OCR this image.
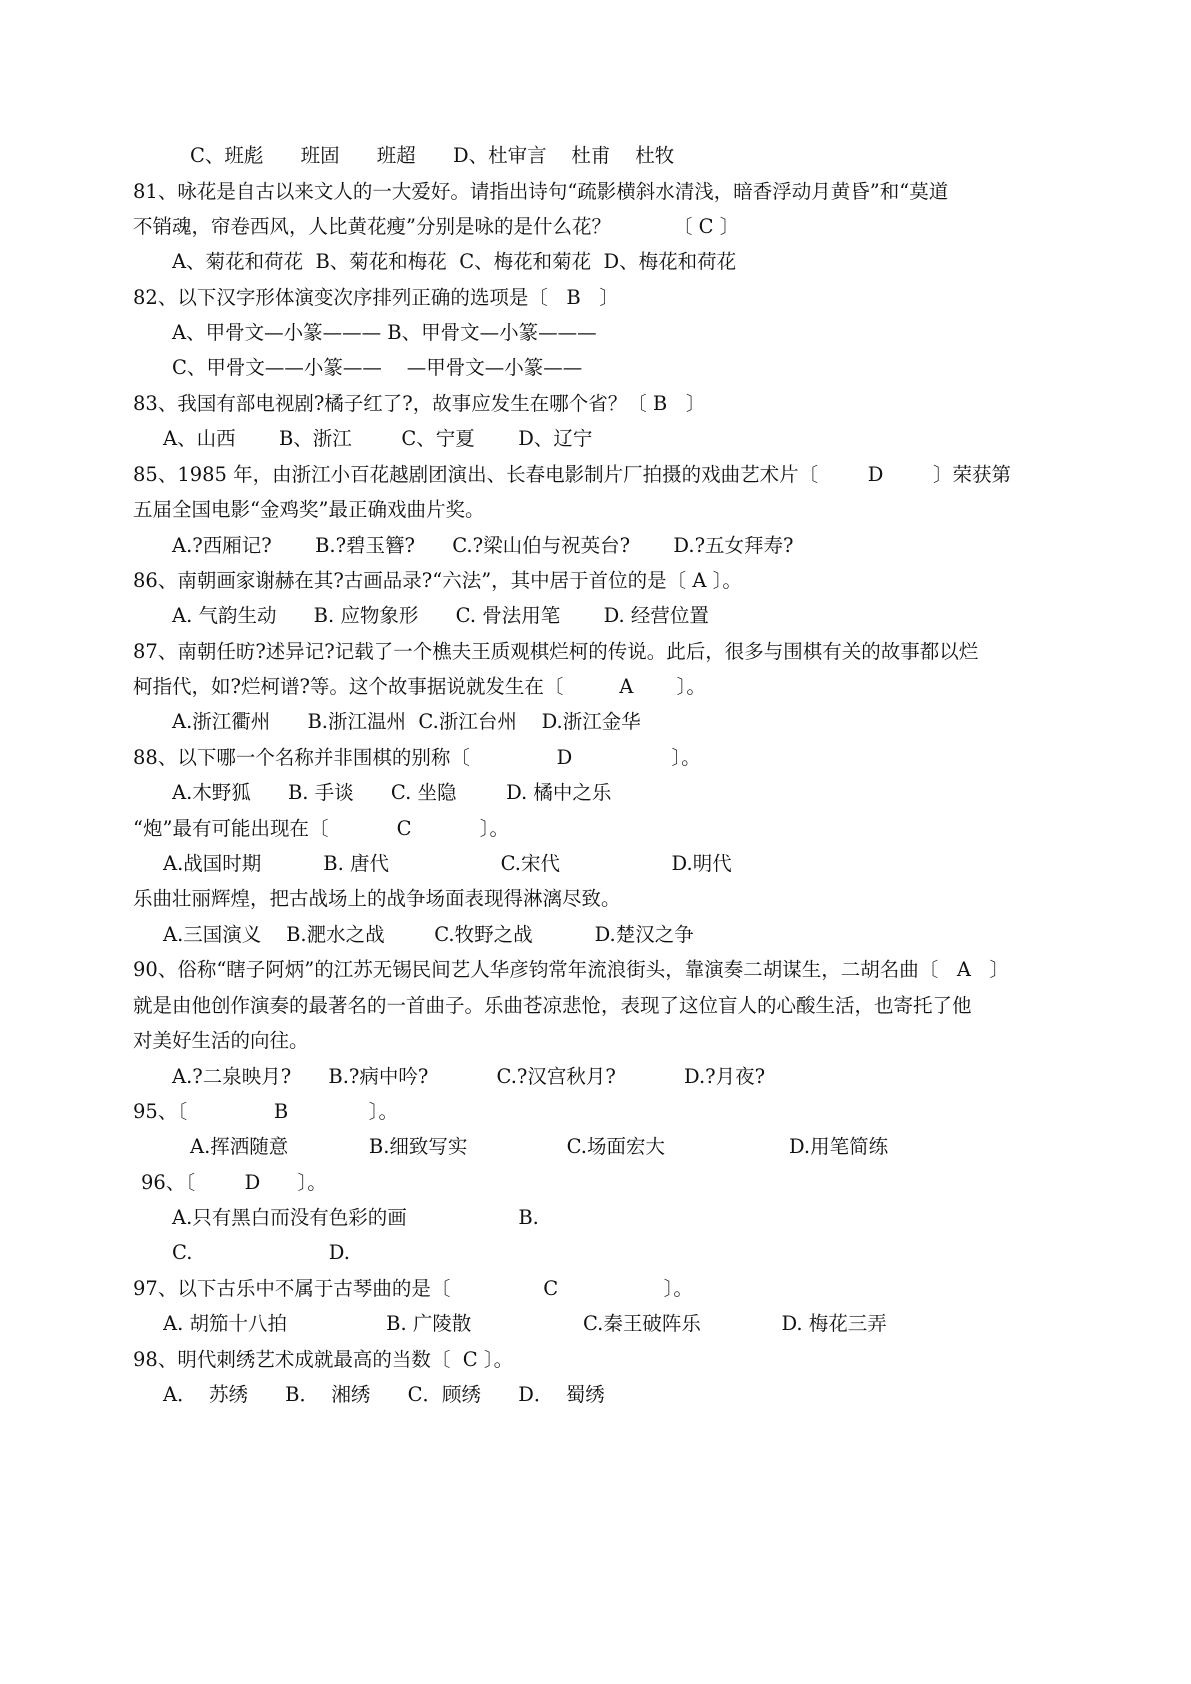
C、班彪      班固      班超      D、杜审言    杜甫    杜牧
81、咏花是自古以来文人的一大爱好。请指出诗句“疏影横斜水清浅，暗香浮动月黄昏”和“莫道
不销魂，帘卷西风，人比黄花瘦”分别是咏的是什么花？          〔 C 〕
A、菊花和荷花  B、菊花和梅花  C、梅花和菊花  D、梅花和荷花
82、以下汉字形体演变次序排列正确的选项是〔   B   〕
A、甲骨文—小篆——— B、甲骨文—小篆———
C、甲骨文——小篆——    —甲骨文—小篆——
83、我国有部电视剧?橘子红了?，故事应发生在哪个省？〔 B   〕
A、山西       B、浙江        C、宁夏       D、辽宁
85、1985 年，由浙江小百花越剧团演出、长春电影制片厂拍摄的戏曲艺术片〔        D        〕荣获第
五届全国电影“金鸡奖”最正确戏曲片奖。
A.?西厢记?       B.?碧玉簪?      C.?梁山伯与祝英台?       D.?五女拜寿?
86、南朝画家谢赫在其?古画品录?“六法”，其中居于首位的是〔 A 〕。
A. 气韵生动      B. 应物象形      C. 骨法用笔       D. 经营位置
87、南朝任昉?述异记?记载了一个樵夫王质观棋烂柯的传说。此后，很多与围棋有关的故事都以烂
柯指代，如?烂柯谱?等。这个故事据说就发生在〔         A       〕。
A.浙江衢州      B.浙江温州  C.浙江台州    D.浙江金华
88、以下哪一个名称并非围棋的别称〔              D                〕。
A.木野狐      B. 手谈      C. 坐隐        D. 橘中之乐
“炮”最有可能出现在〔           C           〕。
A.战国时期          B. 唐代                  C.宋代                  D.明代
乐曲壮丽辉煌，把古战场上的战争场面表现得淋漓尽致。
A.三国演义    B.淝水之战        C.牧野之战          D.楚汉之争
90、俗称“瞎子阿炳”的江苏无锡民间艺人华彦钧常年流浪街头，靠演奏二胡谋生，二胡名曲〔   A   〕
就是由他创作演奏的最著名的一首曲子。乐曲苍凉悲怆，表现了这位盲人的心酸生活，也寄托了他
对美好生活的向往。
A.?二泉映月?      B.?病中吟?           C.?汉宫秋月?           D.?月夜?
95、〔              B             〕。
A.挥洒随意             B.细致写实                C.场面宏大                    D.用笔简练
96、〔        D      〕。
A.只有黑白而没有色彩的画                  B.
C.                      D.
97、以下古乐中不属于古琴曲的是〔               C                 〕。
A. 胡笳十八拍                B. 广陵散                  C.秦王破阵乐             D. 梅花三弄
98、明代刺绣艺术成就最高的当数〔  C 〕。
A．  苏绣      B．  湘绣      C．顾绣      D．  蜀绣
